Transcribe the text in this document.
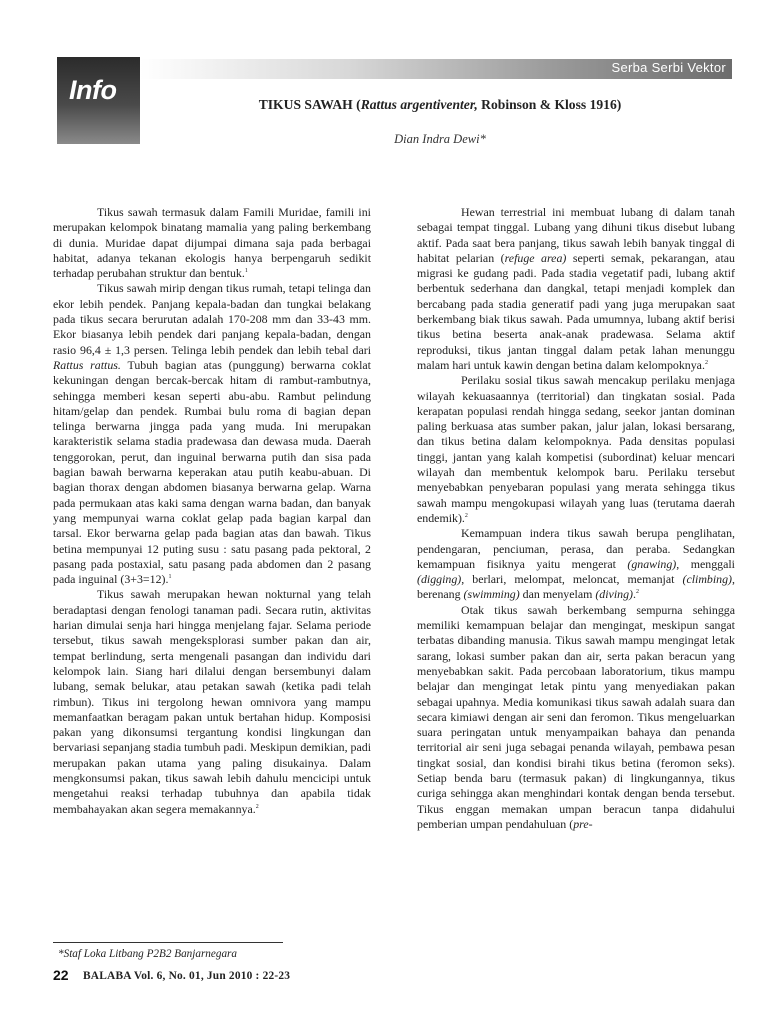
Info
Serba Serbi Vektor
TIKUS SAWAH (Rattus argentiventer, Robinson & Kloss 1916)
Dian Indra Dewi*

Tikus sawah termasuk dalam Famili Muridae, famili ini merupakan kelompok binatang mamalia yang paling berkembang di dunia. Muridae dapat dijumpai dimana saja pada berbagai habitat, adanya tekanan ekologis hanya berpengaruh sedikit terhadap perubahan struktur dan bentuk.$^1$

Tikus sawah mirip dengan tikus rumah, tetapi telinga dan ekor lebih pendek. Panjang kepala-badan dan tungkai belakang pada tikus secara berurutan adalah 170-208 mm dan 33-43 mm. Ekor biasanya lebih pendek dari panjang kepala-badan, dengan rasio 96,4 ± 1,3 persen. Telinga lebih pendek dan lebih tebal dari Rattus rattus. Tubuh bagian atas (punggung) berwarna coklat kekuningan dengan bercak-bercak hitam di rambut-rambutnya, sehingga memberi kesan seperti abu-abu. Rambut pelindung hitam/gelap dan pendek. Rumbai bulu roma di bagian depan telinga berwarna jingga pada yang muda. Ini merupakan karakteristik selama stadia pradewasa dan dewasa muda. Daerah tenggorokan, perut, dan inguinal berwarna putih dan sisa pada bagian bawah berwarna keperakan atau putih keabu-abuan. Di bagian thorax dengan abdomen biasanya berwarna gelap. Warna pada permukaan atas kaki sama dengan warna badan, dan banyak yang mempunyai warna coklat gelap pada bagian karpal dan tarsal. Ekor berwarna gelap pada bagian atas dan bawah. Tikus betina mempunyai 12 puting susu : satu pasang pada pektoral, 2 pasang pada postaxial, satu pasang pada abdomen dan 2 pasang pada inguinal (3+3=12).$^1$

Tikus sawah merupakan hewan nokturnal yang telah beradaptasi dengan fenologi tanaman padi. Secara rutin, aktivitas harian dimulai senja hari hingga menjelang fajar. Selama periode tersebut, tikus sawah mengeksplorasi sumber pakan dan air, tempat berlindung, serta mengenali pasangan dan individu dari kelompok lain. Siang hari dilalui dengan bersembunyi dalam lubang, semak belukar, atau petakan sawah (ketika padi telah rimbun). Tikus ini tergolong hewan omnivora yang mampu memanfaatkan beragam pakan untuk bertahan hidup. Komposisi pakan yang dikonsumsi tergantung kondisi lingkungan dan bervariasi sepanjang stadia tumbuh padi. Meskipun demikian, padi merupakan pakan utama yang paling disukainya. Dalam mengkonsumsi pakan, tikus sawah lebih dahulu mencicipi untuk mengetahui reaksi terhadap tubuhnya dan apabila tidak membahayakan akan segera memakannya.$^2$

Hewan terrestrial ini membuat lubang di dalam tanah sebagai tempat tinggal. Lubang yang dihuni tikus disebut lubang aktif. Pada saat bera panjang, tikus sawah lebih banyak tinggal di habitat pelarian (refuge area) seperti semak, pekarangan, atau migrasi ke gudang padi. Pada stadia vegetatif padi, lubang aktif berbentuk sederhana dan dangkal, tetapi menjadi komplek dan bercabang pada stadia generatif padi yang juga merupakan saat berkembang biak tikus sawah. Pada umumnya, lubang aktif berisi tikus betina beserta anak-anak pradewasa. Selama aktif reproduksi, tikus jantan tinggal dalam petak lahan menunggu malam hari untuk kawin dengan betina dalam kelompoknya.$^2$

Perilaku sosial tikus sawah mencakup perilaku menjaga wilayah kekuasaannya (territorial) dan tingkatan sosial. Pada kerapatan populasi rendah hingga sedang, seekor jantan dominan paling berkuasa atas sumber pakan, jalur jalan, lokasi bersarang, dan tikus betina dalam kelompoknya. Pada densitas populasi tinggi, jantan yang kalah kompetisi (subordinat) keluar mencari wilayah dan membentuk kelompok baru. Perilaku tersebut menyebabkan penyebaran populasi yang merata sehingga tikus sawah mampu mengokupasi wilayah yang luas (terutama daerah endemik).$^2$

Kemampuan indera tikus sawah berupa penglihatan, pendengaran, penciuman, perasa, dan peraba. Sedangkan kemampuan fisiknya yaitu mengerat (gnawing), menggali (digging), berlari, melompat, meloncat, memanjat (climbing), berenang (swimming) dan menyelam (diving).$^2$

Otak tikus sawah berkembang sempurna sehingga memiliki kemampuan belajar dan mengingat, meskipun sangat terbatas dibanding manusia. Tikus sawah mampu mengingat letak sarang, lokasi sumber pakan dan air, serta pakan beracun yang menyebabkan sakit. Pada percobaan laboratorium, tikus mampu belajar dan mengingat letak pintu yang menyediakan pakan sebagai upahnya. Media komunikasi tikus sawah adalah suara dan secara kimiawi dengan air seni dan feromon. Tikus mengeluarkan suara peringatan untuk menyampaikan bahaya dan penanda territorial air seni juga sebagai penanda wilayah, pembawa pesan tingkat sosial, dan kondisi birahi tikus betina (feromon seks). Setiap benda baru (termasuk pakan) di lingkungannya, tikus curiga sehingga akan menghindari kontak dengan benda tersebut. Tikus enggan memakan umpan beracun tanpa didahului pemberian umpan pendahuluan (pre-

*Staf Loka Litbang P2B2 Banjarnegara
22 BALABA Vol. 6, No. 01, Jun 2010 : 22-23
